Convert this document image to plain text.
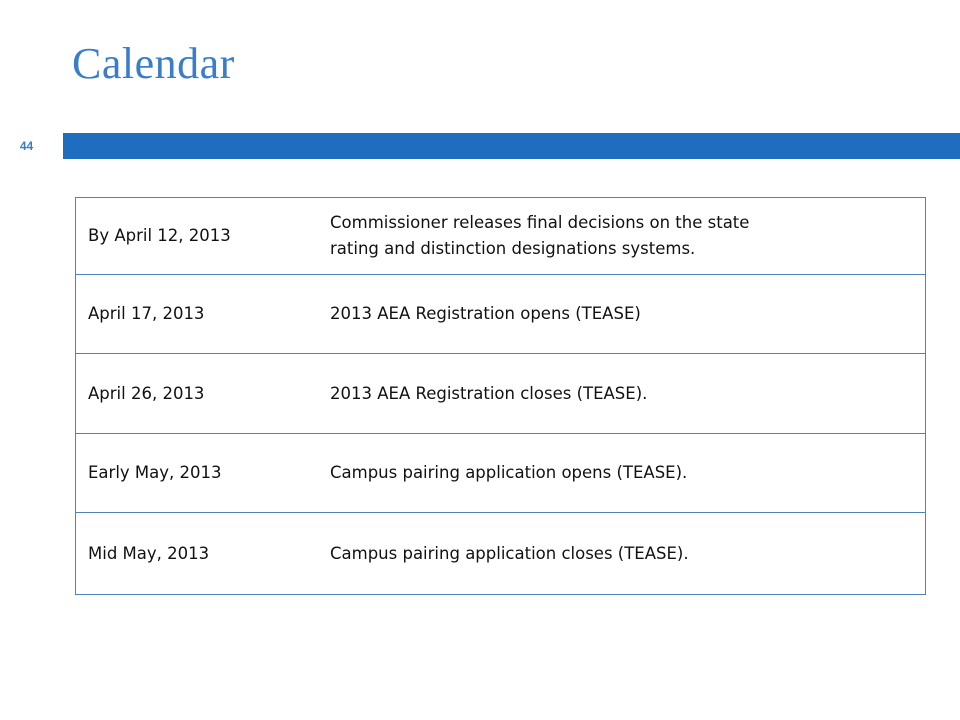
Calendar
44
By April 12, 2013	Commissioner releases final decisions on the state
rating and distinction designations systems.

April 17, 2013	2013 AEA Registration opens (TEASE)
April 26, 2013	2013 AEA Registration closes (TEASE).
Early May, 2013	Campus pairing application opens (TEASE).
Mid May, 2013	Campus pairing application closes (TEASE).
